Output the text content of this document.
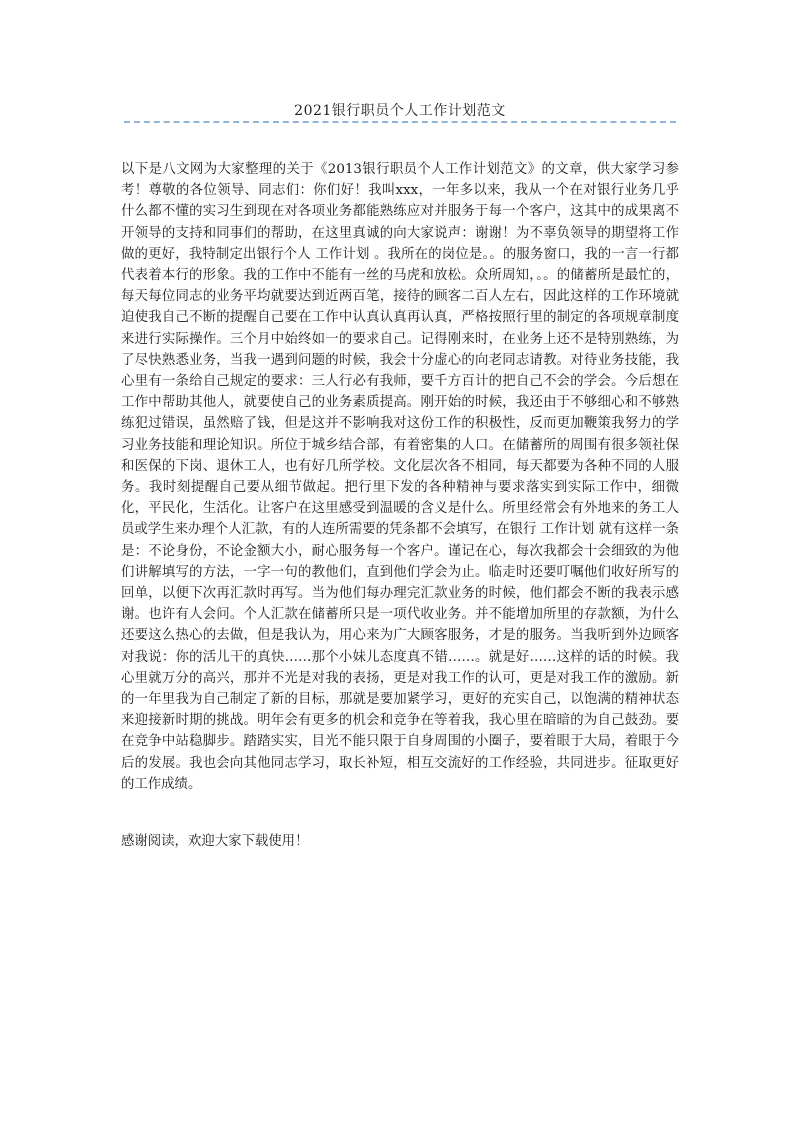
2021银行职员个人工作计划范文
以下是八文网为大家整理的关于《2013银行职员个人工作计划范文》的文章，供大家学习参考！尊敬的各位领导、同志们：你们好！我叫xxx，一年多以来，我从一个在对银行业务几乎什么都不懂的实习生到现在对各项业务都能熟练应对并服务于每一个客户，这其中的成果离不开领导的支持和同事们的帮助，在这里真诚的向大家说声：谢谢！为不辜负领导的期望将工作做的更好，我特制定出银行个人 工作计划 。我所在的岗位是。。的服务窗口，我的一言一行都代表着本行的形象。我的工作中不能有一丝的马虎和放松。众所周知，。。的储蓄所是最忙的，每天每位同志的业务平均就要达到近两百笔，接待的顾客二百人左右，因此这样的工作环境就迫使我自己不断的提醒自己要在工作中认真认真再认真，严格按照行里的制定的各项规章制度来进行实际操作。三个月中始终如一的要求自己。记得刚来时，在业务上还不是特别熟练，为了尽快熟悉业务，当我一遇到问题的时候，我会十分虚心的向老同志请教。对待业务技能，我心里有一条给自己规定的要求：三人行必有我师，要千方百计的把自己不会的学会。今后想在工作中帮助其他人，就要使自己的业务素质提高。刚开始的时候，我还由于不够细心和不够熟练犯过错误，虽然赔了钱，但是这并不影响我对这份工作的积极性，反而更加鞭策我努力的学习业务技能和理论知识。所位于城乡结合部，有着密集的人口。在储蓄所的周围有很多领社保和医保的下岗、退休工人，也有好几所学校。文化层次各不相同，每天都要为各种不同的人服务。我时刻提醒自己要从细节做起。把行里下发的各种精神与要求落实到实际工作中，细微化，平民化，生活化。让客户在这里感受到温暖的含义是什么。所里经常会有外地来的务工人员或学生来办理个人汇款，有的人连所需要的凭条都不会填写，在银行 工作计划 就有这样一条是：不论身份，不论金额大小，耐心服务每一个客户。谨记在心，每次我都会十会细致的为他们讲解填写的方法，一字一句的教他们，直到他们学会为止。临走时还要叮嘱他们收好所写的回单，以便下次再汇款时再写。当为他们每办理完汇款业务的时候，他们都会不断的我表示感谢。也许有人会问。个人汇款在储蓄所只是一项代收业务。并不能增加所里的存款额，为什么还要这么热心的去做，但是我认为，用心来为广大顾客服务，才是的服务。当我听到外边顾客对我说：你的活儿干的真快……那个小妹儿态度真不错……。就是好……这样的话的时候。我心里就万分的高兴，那并不光是对我的表扬，更是对我工作的认可，更是对我工作的激励。新的一年里我为自己制定了新的目标，那就是要加紧学习，更好的充实自己，以饱满的精神状态来迎接新时期的挑战。明年会有更多的机会和竞争在等着我，我心里在暗暗的为自己鼓劲。要在竞争中站稳脚步。踏踏实实，目光不能只限于自身周围的小圈子，要着眼于大局，着眼于今后的发展。我也会向其他同志学习，取长补短，相互交流好的工作经验，共同进步。征取更好的工作成绩。
感谢阅读，欢迎大家下载使用！
